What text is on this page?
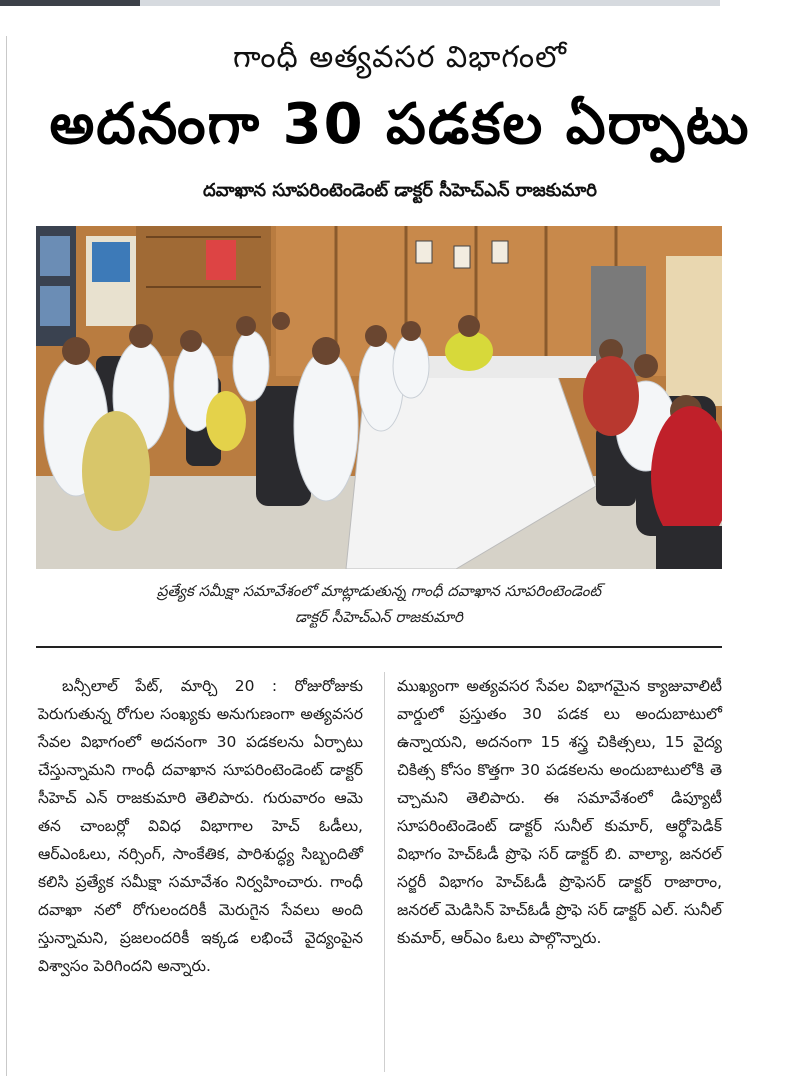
గాంధీ అత్యవసర విభాగంలో
అదనంగా 30 పడకల ఏర్పాటు
దవాఖాన సూపరింటెండెంట్ డాక్టర్ సీహెచ్ఎన్ రాజకుమారి
ప్రత్యేక సమీక్షా సమావేశంలో మాట్లాడుతున్న గాంధీ దవాఖాన సూపరింటెండెంట్
డాక్టర్ సీహెచ్ఎన్ రాజకుమారి
బన్సీలాల్ పేట్, మార్చి 20 : రోజురోజుకు పెరుగుతున్న రోగుల సంఖ్యకు అనుగుణంగా అత్యవసర సేవల విభాగంలో అదనంగా 30 పడకలను ఏర్పాటు చేస్తున్నామని గాంధీ దవాఖాన సూపరింటెండెంట్ డాక్టర్ సీహెచ్ ఎన్ రాజకుమారి తెలిపారు. గురువారం ఆమె తన చాంబర్లో వివిధ విభాగాల హెచ్ ఓడీలు, ఆర్ఎంఓలు, నర్సింగ్, సాంకేతిక, పారిశుద్ధ్య సిబ్బందితో కలిసి ప్రత్యేక సమీక్షా సమావేశం నిర్వహించారు. గాంధీ దవాఖా నలో రోగులందరికీ మెరుగైన సేవలు అంది స్తున్నామని, ప్రజలందరికీ ఇక్కడ లభించే వైద్యంపైన విశ్వాసం పెరిగిందని అన్నారు.
ముఖ్యంగా అత్యవసర సేవల విభాగమైన క్యాజువాలిటీ వార్డులో ప్రస్తుతం 30 పడక లు అందుబాటులో ఉన్నాయని, అదనంగా 15 శస్త్ర చికిత్సలు, 15 వైద్య చికిత్స కోసం కొత్తగా 30 పడకలను అందుబాటులోకి తె చ్చామని తెలిపారు. ఈ సమావేశంలో డిప్యూటీ సూపరింటెండెంట్ డాక్టర్ సునీల్ కుమార్, ఆర్థోపెడిక్ విభాగం హెచ్ఓడీ ప్రొఫె సర్ డాక్టర్ బి. వాల్యా, జనరల్ సర్జరీ విభాగం హెచ్ఓడీ ప్రొఫెసర్ డాక్టర్ రాజారాం, జనరల్ మెడిసిన్ హెచ్ఓడీ ప్రొఫె సర్ డాక్టర్ ఎల్. సునీల్ కుమార్, ఆర్ఎం ఓలు పాల్గొన్నారు.
